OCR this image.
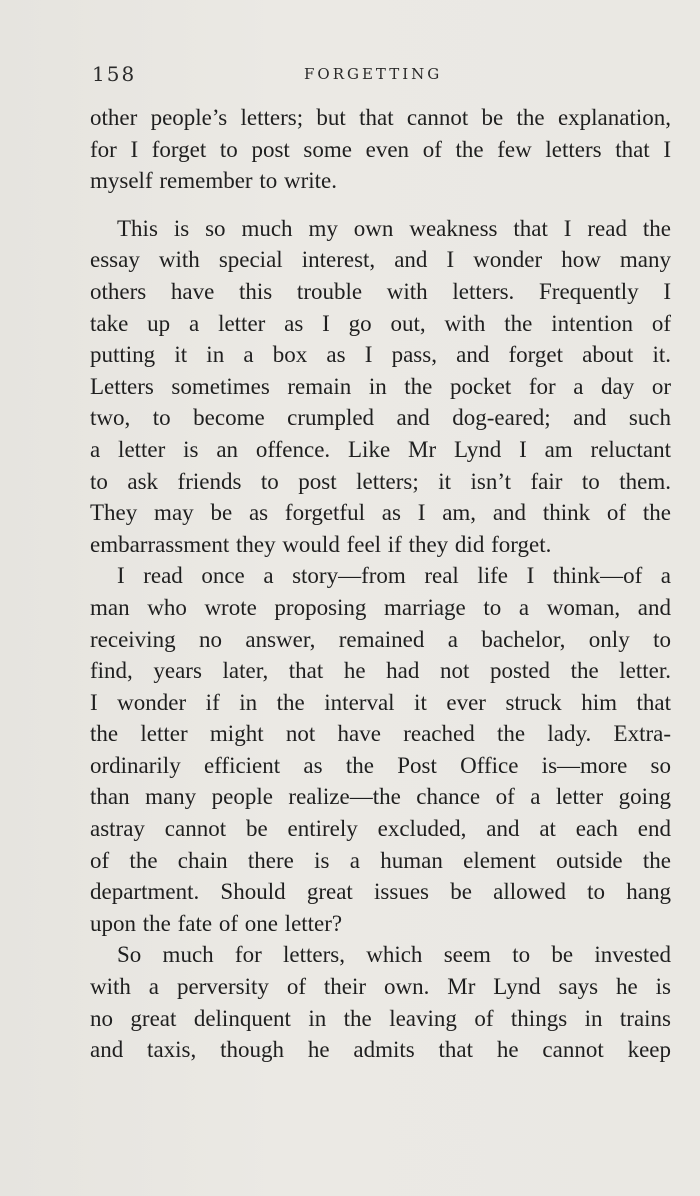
158	FORGETTING
other people’s letters; but that cannot be the explanation,
for I forget to post some even of the few letters that I
myself remember to write.
This is so much my own weakness that I read the
essay with special interest, and I wonder how many
others have this trouble with letters. Frequently I
take up a letter as I go out, with the intention of
putting it in a box as I pass, and forget about it.
Letters sometimes remain in the pocket for a day or
two, to become crumpled and dog-eared; and such
a letter is an offence. Like Mr Lynd I am reluctant
to ask friends to post letters; it isn’t fair to them.
They may be as forgetful as I am, and think of the
embarrassment they would feel if they did forget.
I read once a story—from real life I think—of a
man who wrote proposing marriage to a woman, and
receiving no answer, remained a bachelor, only to
find, years later, that he had not posted the letter.
I wonder if in the interval it ever struck him that
the letter might not have reached the lady. Extra-
ordinarily efficient as the Post Office is—more so
than many people realize—the chance of a letter going
astray cannot be entirely excluded, and at each end
of the chain there is a human element outside the
department. Should great issues be allowed to hang
upon the fate of one letter?
So much for letters, which seem to be invested
with a perversity of their own. Mr Lynd says he is
no great delinquent in the leaving of things in trains
and taxis, though he admits that he cannot keep
